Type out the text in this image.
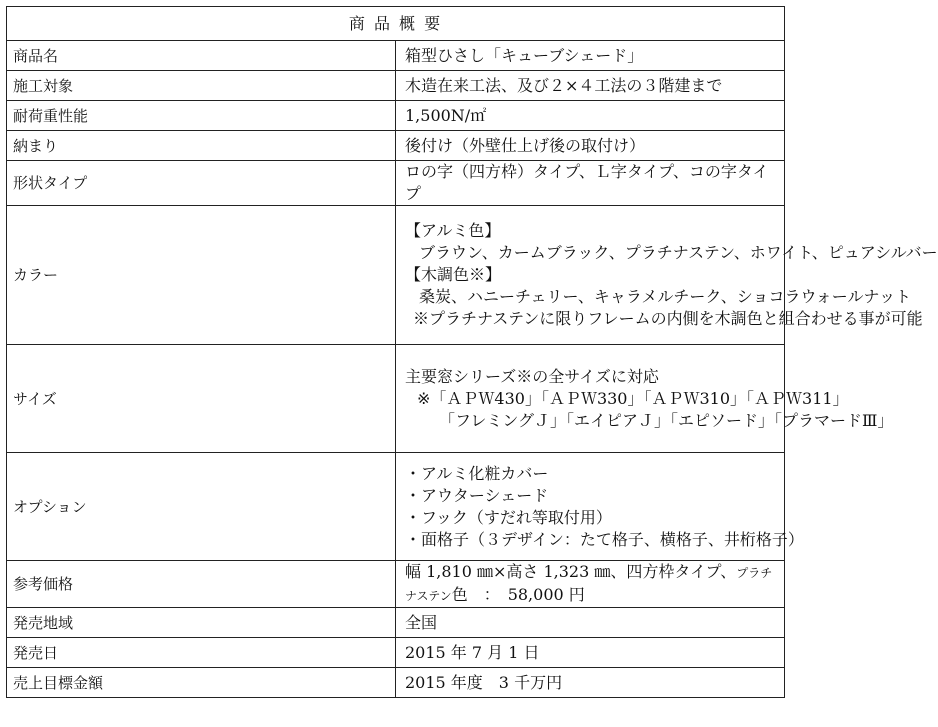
商 品 概 要	
商品名	箱型ひさし「キューブシェード」
施工対象	木造在来工法、及び２×４工法の３階建まで
耐荷重性能	1,500N/㎡
納まり	後付け（外壁仕上げ後の取付け）
形状タイプ	ロの字（四方枠）タイプ、Ｌ字タイプ、コの字タイプ
カラー	【アルミ色】
ブラウン、カームブラック、プラチナステン、ホワイト、ピュアシルバー
【木調色※】
桑炭、ハニーチェリー、キャラメルチーク、ショコラウォールナット
※プラチナステンに限りフレームの内側を木調色と組合わせる事が可能

サイズ	主要窓シリーズ※の全サイズに対応
※「ＡＰＷ430」「ＡＰＷ330」「ＡＰＷ310」「ＡＰＷ311」
「フレミングＪ」「エイピアＪ」「エピソード」「プラマードⅢ」

オプション	・アルミ化粧カバー
・アウターシェード
・フック（すだれ等取付用）
・面格子（３デザイン：たて格子、横格子、井桁格子）

参考価格	幅 1,810 ㎜×高さ 1,323 ㎜、四方枠タイプ、プラチナステン色　：　58,000 円
発売地域	全国
発売日	2015 年 7 月 1 日
売上目標金額	2015 年度　3 千万円
